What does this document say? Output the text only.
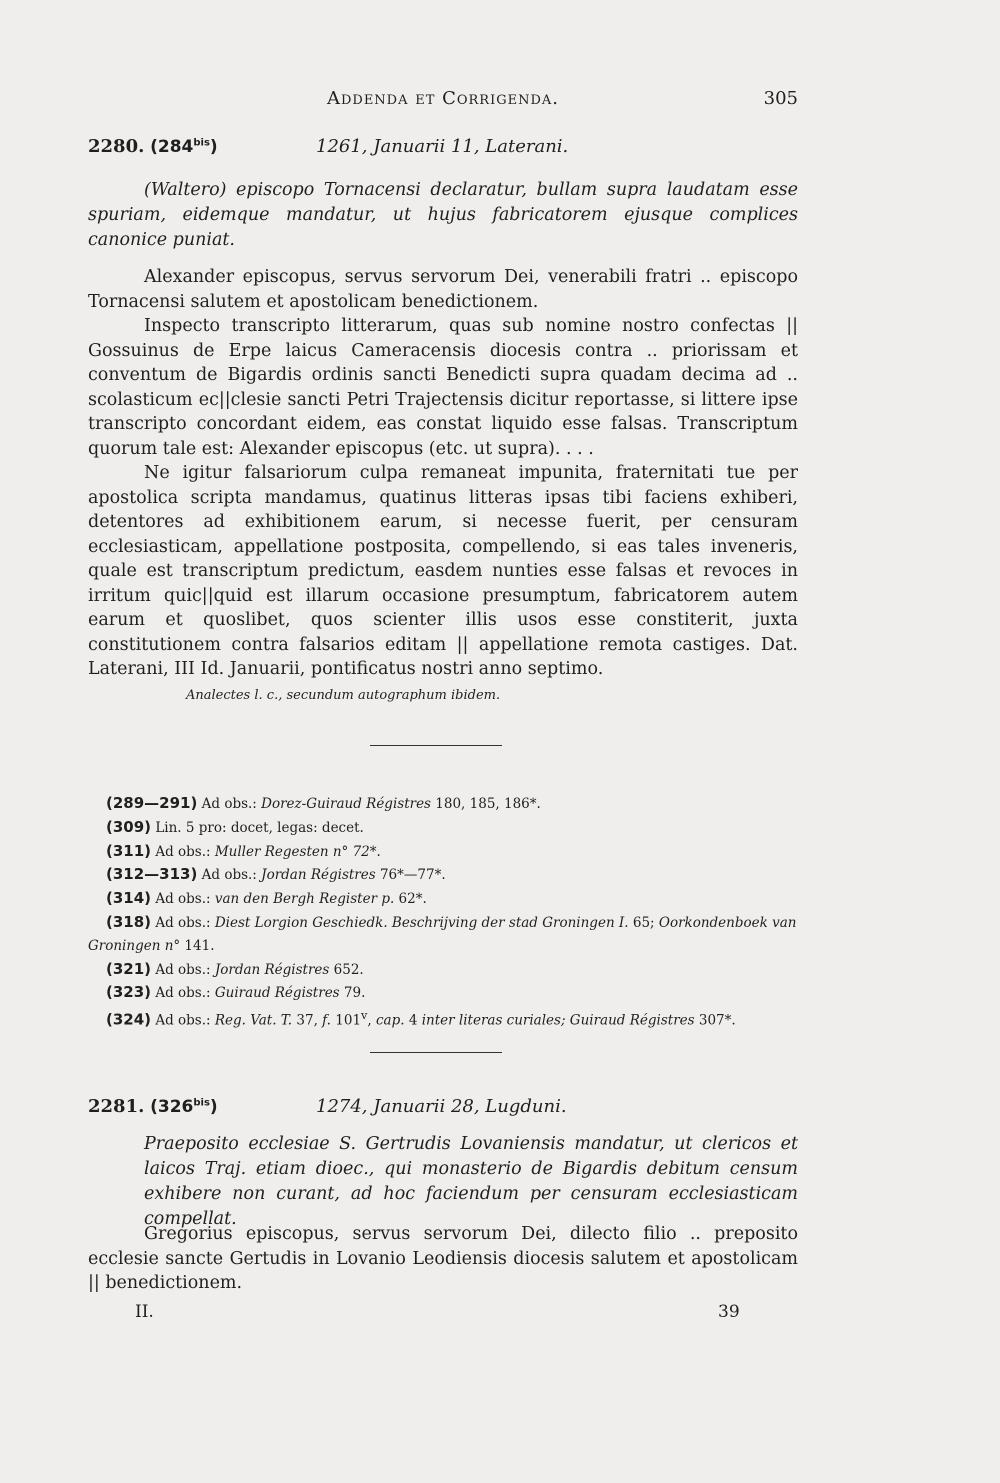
Addenda et Corrigenda.	305
2280. $(284^{bis})$	1261, Januarii 11, Laterani.

(Waltero) episcopo Tornacensi declaratur, bullam supra laudatam esse spuriam, eidemque mandatur, ut hujus fabricatorem ejusque complices canonice puniat.

Alexander episcopus, servus servorum Dei, venerabili fratri .. episcopo Tornacensi salutem et apostolicam benedictionem.

Inspecto transcripto litterarum, quas sub nomine nostro confectas || Gossuinus de Erpe laicus Cameracensis diocesis contra .. priorissam et conventum de Bigardis ordinis sancti Benedicti supra quadam decima ad .. scolasticum ec||clesie sancti Petri Trajectensis dicitur reportasse, si littere ipse transcripto concordant eidem, eas constat liquido esse falsas. Transcriptum quorum tale est: Alexander episcopus (etc. ut supra). . . .

Ne igitur falsariorum culpa remaneat impunita, fraternitati tue per apostolica scripta mandamus, quatinus litteras ipsas tibi faciens exhiberi, detentores ad exhibitionem earum, si necesse fuerit, per censuram ecclesiasticam, appellatione postposita, compellendo, si eas tales inveneris, quale est transcriptum predictum, easdem nunties esse falsas et revoces in irritum quic||quid est illarum occasione presumptum, fabricatorem autem earum et quoslibet, quos scienter illis usos esse constiterit, juxta constitutionem contra falsarios editam || appellatione remota castiges. Dat. Laterani, III Id. Januarii, pontificatus nostri anno septimo.

Analectes l. c., secundum autographum ibidem.
(289—291) Ad obs.: Dorez-Guiraud Régistres 180, 185, 186*.
(309) Lin. 5 pro: docet, legas: decet.
(311) Ad obs.: Muller Regesten n° 72*.
(312—313) Ad obs.: Jordan Régistres 76*—77*.
(314) Ad obs.: van den Bergh Register p. 62*.
(318) Ad obs.: Diest Lorgion Geschiedk. Beschrijving der stad Groningen I. 65; Oorkondenboek van Groningen n° 141.
(321) Ad obs.: Jordan Régistres 652.
(323) Ad obs.: Guiraud Régistres 79.
(324) Ad obs.: Reg. Vat. T. 37, f. 101$^v$, cap. 4 inter literas curiales; Guiraud Régistres 307*.
2281. $(326^{bis})$	1274, Januarii 28, Lugduni.

Praeposito ecclesiae S. Gertrudis Lovaniensis mandatur, ut clericos et laicos Traj. etiam dioec., qui monasterio de Bigardis debitum censum exhibere non curant, ad hoc faciendum per censuram ecclesiasticam compellat.

Gregorius episcopus, servus servorum Dei, dilecto filio .. preposito ecclesie sancte Gertudis in Lovanio Leodiensis diocesis salutem et apostolicam || benedictionem.

II.	39
